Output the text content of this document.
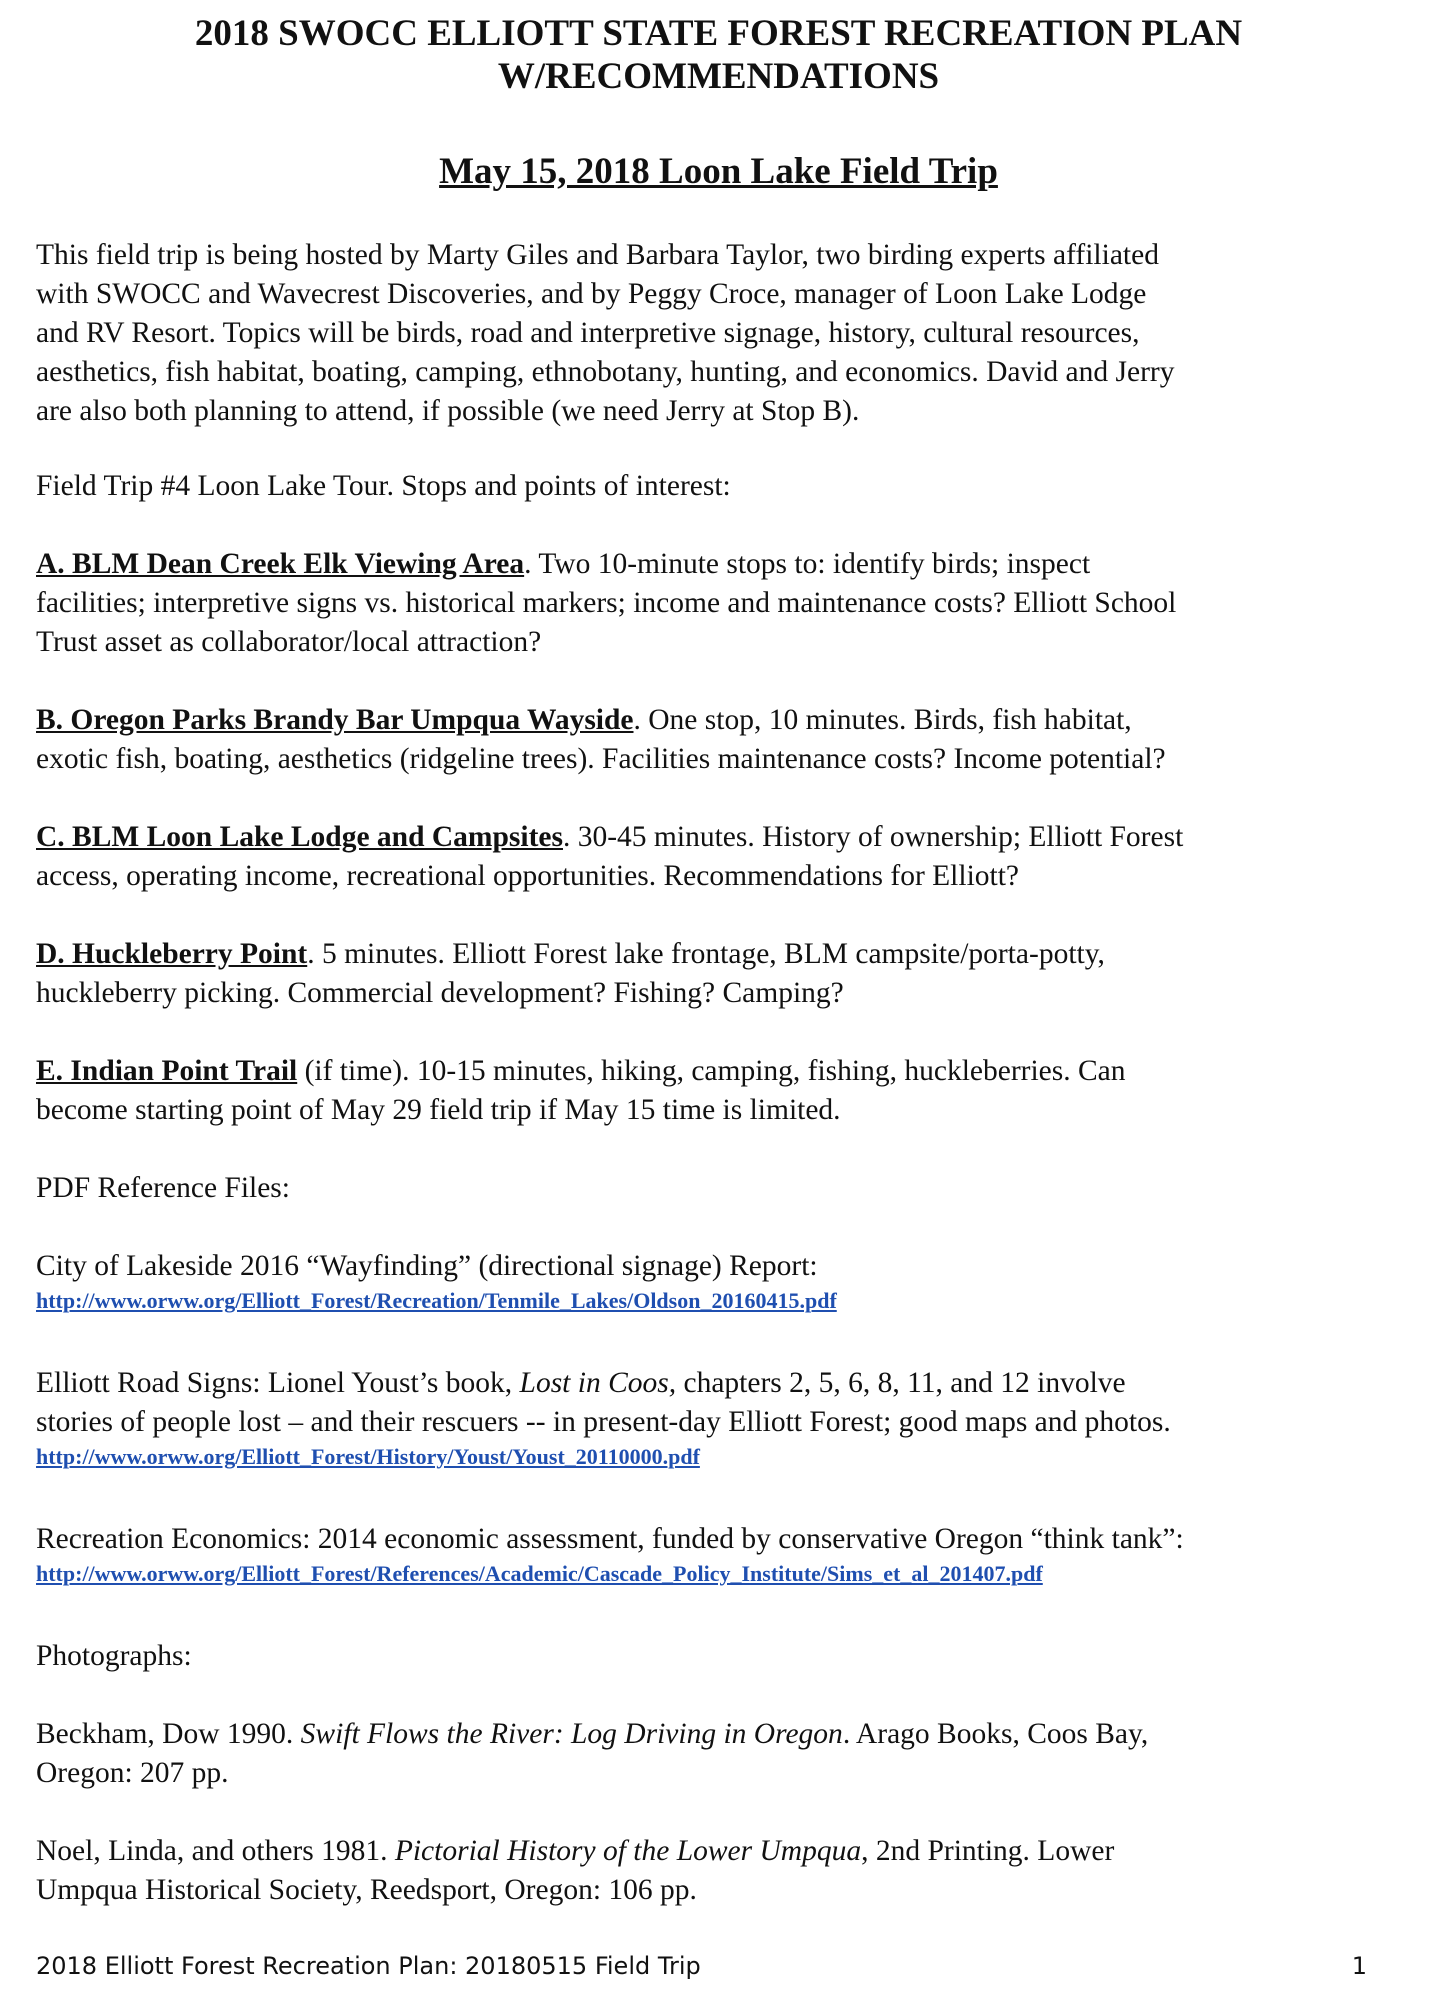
2018 SWOCC ELLIOTT STATE FOREST RECREATION PLAN
W/RECOMMENDATIONS
May 15, 2018 Loon Lake Field Trip
This field trip is being hosted by Marty Giles and Barbara Taylor, two birding experts affiliated
with SWOCC and Wavecrest Discoveries, and by Peggy Croce, manager of Loon Lake Lodge
and RV Resort. Topics will be birds, road and interpretive signage, history, cultural resources,
aesthetics, fish habitat, boating, camping, ethnobotany, hunting, and economics. David and Jerry
are also both planning to attend, if possible (we need Jerry at Stop B).
Field Trip #4 Loon Lake Tour. Stops and points of interest:
A. BLM Dean Creek Elk Viewing Area. Two 10-minute stops to: identify birds; inspect
facilities; interpretive signs vs. historical markers; income and maintenance costs? Elliott School
Trust asset as collaborator/local attraction?
B. Oregon Parks Brandy Bar Umpqua Wayside. One stop, 10 minutes. Birds, fish habitat,
exotic fish, boating, aesthetics (ridgeline trees). Facilities maintenance costs? Income potential?
C. BLM Loon Lake Lodge and Campsites. 30-45 minutes. History of ownership; Elliott Forest
access, operating income, recreational opportunities. Recommendations for Elliott?
D. Huckleberry Point. 5 minutes. Elliott Forest lake frontage, BLM campsite/porta-potty,
huckleberry picking. Commercial development? Fishing? Camping?
E. Indian Point Trail (if time). 10-15 minutes, hiking, camping, fishing, huckleberries. Can
become starting point of May 29 field trip if May 15 time is limited.
PDF Reference Files:
City of Lakeside 2016 “Wayfinding” (directional signage) Report:
http://www.orww.org/Elliott_Forest/Recreation/Tenmile_Lakes/Oldson_20160415.pdf
Elliott Road Signs: Lionel Youst’s book, Lost in Coos, chapters 2, 5, 6, 8, 11, and 12 involve
stories of people lost – and their rescuers -- in present-day Elliott Forest; good maps and photos.
http://www.orww.org/Elliott_Forest/History/Youst/Youst_20110000.pdf
Recreation Economics: 2014 economic assessment, funded by conservative Oregon “think tank”:
http://www.orww.org/Elliott_Forest/References/Academic/Cascade_Policy_Institute/Sims_et_al_201407.pdf
Photographs:
Beckham, Dow 1990. Swift Flows the River: Log Driving in Oregon. Arago Books, Coos Bay,
Oregon: 207 pp.
Noel, Linda, and others 1981. Pictorial History of the Lower Umpqua, 2nd Printing. Lower
Umpqua Historical Society, Reedsport, Oregon: 106 pp.
2018 Elliott Forest Recreation Plan: 20180515 Field Trip	1
